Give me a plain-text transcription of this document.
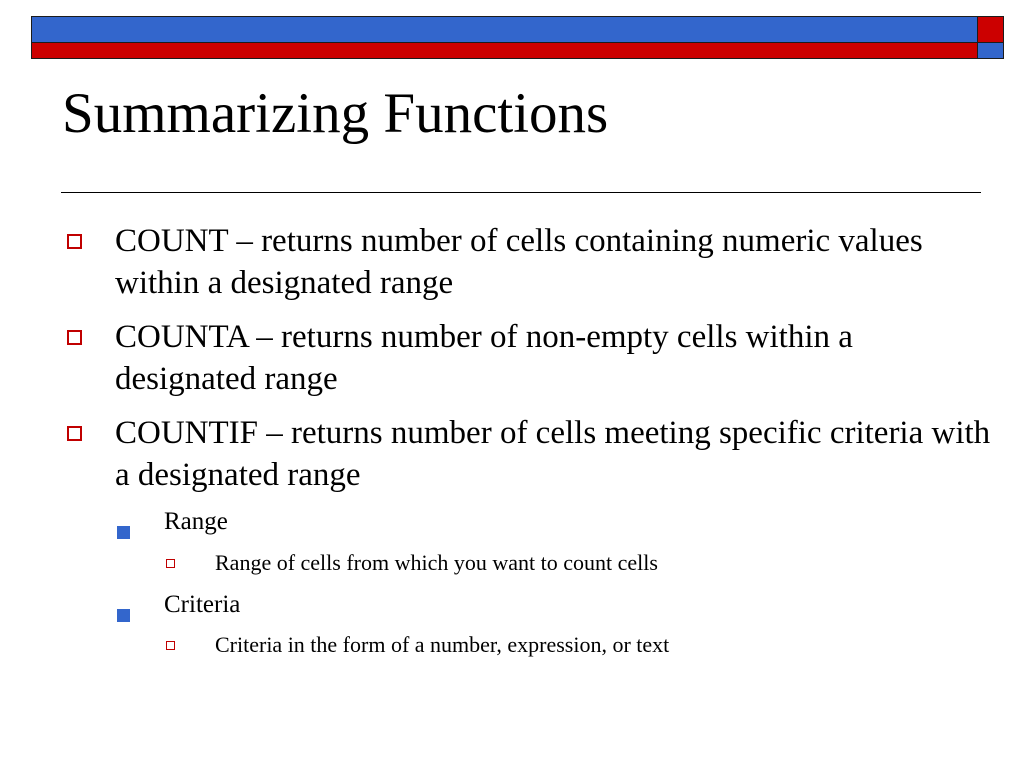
Summarizing Functions
COUNT – returns number of cells containing numeric values within a designated range
COUNTA – returns number of non-empty cells within a designated range
COUNTIF – returns number of cells meeting specific criteria with a designated range
Range
Range of cells from which you want to count cells
Criteria
Criteria in the form of a number, expression, or text
